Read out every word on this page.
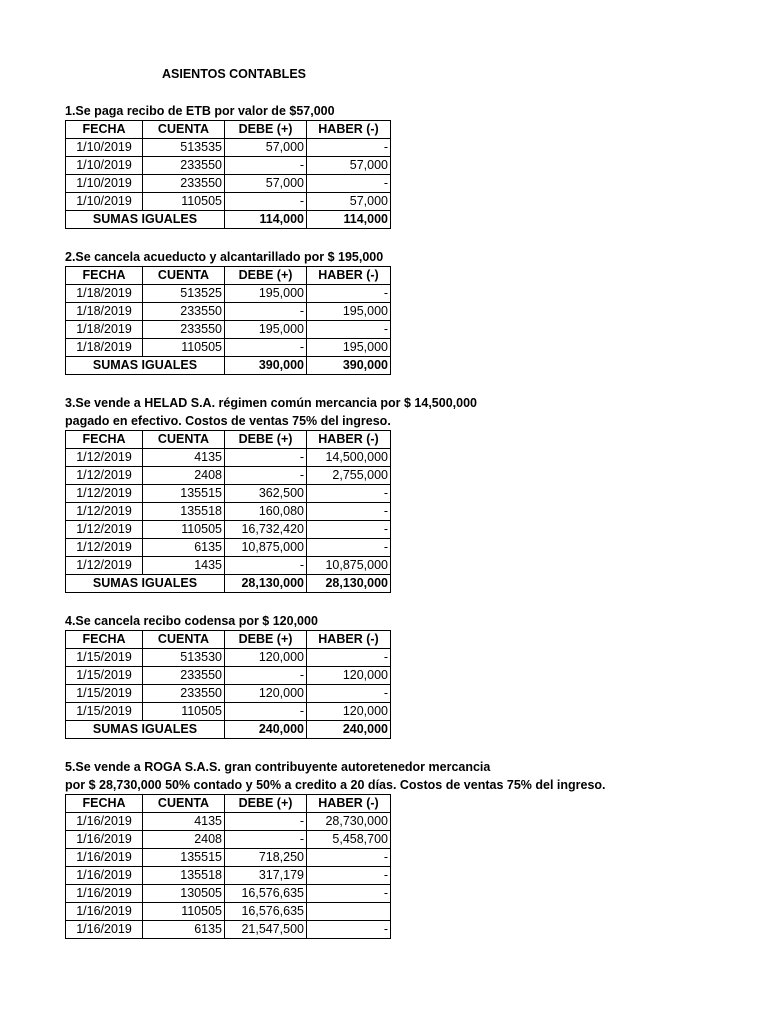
ASIENTOS CONTABLES
1.Se paga recibo de ETB por valor de $57,000
FECHA	CUENTA	DEBE (+)	HABER (-)
1/10/2019	513535	57,000	-
1/10/2019	233550	-	57,000
1/10/2019	233550	57,000	-
1/10/2019	110505	-	57,000
SUMAS IGUALES		114,000	114,000
2.Se cancela acueducto y alcantarillado por $ 195,000
FECHA	CUENTA	DEBE (+)	HABER (-)
1/18/2019	513525	195,000	-
1/18/2019	233550	-	195,000
1/18/2019	233550	195,000	-
1/18/2019	110505	-	195,000
SUMAS IGUALES		390,000	390,000
3.Se vende a HELAD S.A. régimen común mercancia por $ 14,500,000
pagado en efectivo. Costos de ventas 75% del ingreso.
FECHA	CUENTA	DEBE (+)	HABER (-)
1/12/2019	4135	-	14,500,000
1/12/2019	2408	-	2,755,000
1/12/2019	135515	362,500	-
1/12/2019	135518	160,080	-
1/12/2019	110505	16,732,420	-
1/12/2019	6135	10,875,000	-
1/12/2019	1435	-	10,875,000
SUMAS IGUALES		28,130,000	28,130,000
4.Se cancela recibo codensa por $ 120,000
FECHA	CUENTA	DEBE (+)	HABER (-)
1/15/2019	513530	120,000	-
1/15/2019	233550	-	120,000
1/15/2019	233550	120,000	-
1/15/2019	110505	-	120,000
SUMAS IGUALES		240,000	240,000
5.Se vende a ROGA S.A.S. gran contribuyente autoretenedor mercancia
por $ 28,730,000 50% contado y 50% a credito a 20 días. Costos de ventas 75% del ingreso.
FECHA	CUENTA	DEBE (+)	HABER (-)
1/16/2019	4135	-	28,730,000
1/16/2019	2408	-	5,458,700
1/16/2019	135515	718,250	-
1/16/2019	135518	317,179	-
1/16/2019	130505	16,576,635	-
1/16/2019	110505	16,576,635	
1/16/2019	6135	21,547,500	-
